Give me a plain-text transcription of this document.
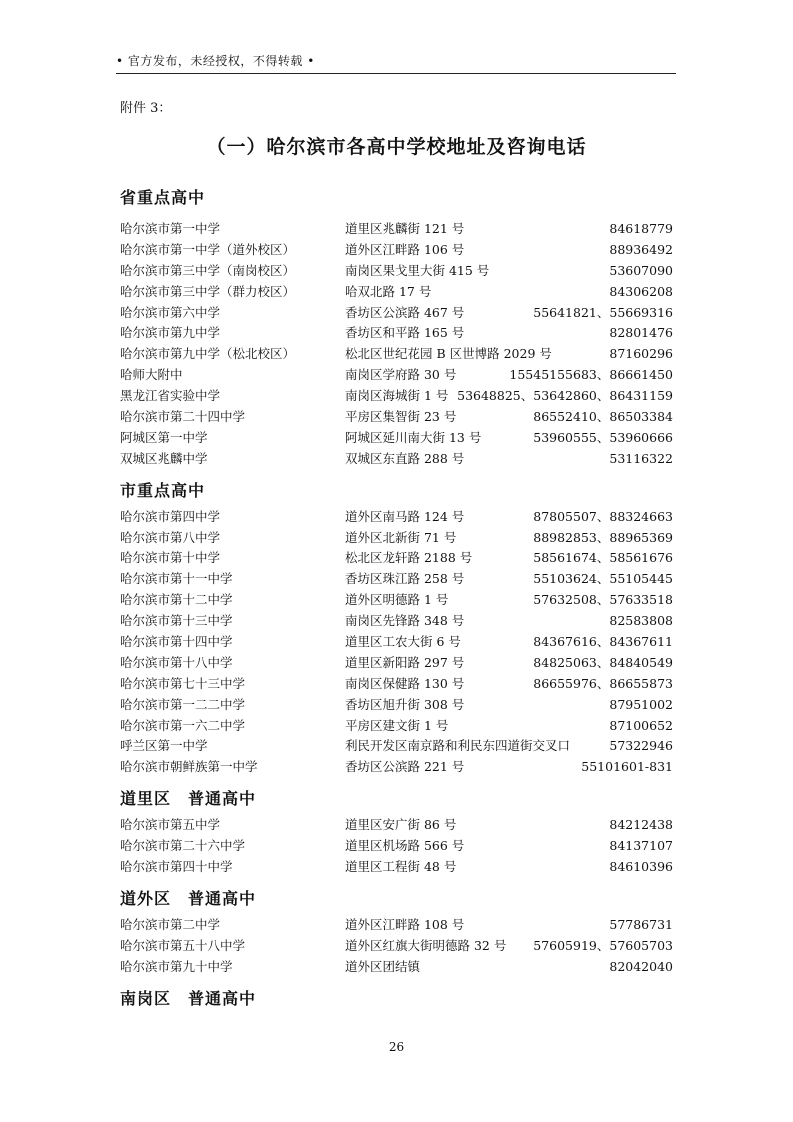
• 官方发布，未经授权，不得转载 •
附件 3：
（一）哈尔滨市各高中学校地址及咨询电话
省重点高中
哈尔滨市第一中学	道里区兆麟街 121 号	84618779
哈尔滨市第一中学（道外校区）	道外区江畔路 106 号	88936492
哈尔滨市第三中学（南岗校区）	南岗区果戈里大街 415 号	53607090
哈尔滨市第三中学（群力校区）	哈双北路 17 号	84306208
哈尔滨市第六中学	香坊区公滨路 467 号	55641821、55669316
哈尔滨市第九中学	香坊区和平路 165 号	82801476
哈尔滨市第九中学（松北校区）	松北区世纪花园 B 区世博路 2029 号	87160296
哈师大附中	南岗区学府路 30 号	15545155683、86661450
黑龙江省实验中学	南岗区海城街 1 号 53648825、53642860、86431159
哈尔滨市第二十四中学	平房区集智街 23 号	86552410、86503384
阿城区第一中学	阿城区延川南大街 13 号	53960555、53960666
双城区兆麟中学	双城区东直路 288 号	53116322
市重点高中
哈尔滨市第四中学	道外区南马路 124 号	87805507、88324663
哈尔滨市第八中学	道外区北新街 71 号	88982853、88965369
哈尔滨市第十中学	松北区龙轩路 2188 号	58561674、58561676
哈尔滨市第十一中学	香坊区珠江路 258 号	55103624、55105445
哈尔滨市第十二中学	道外区明德路 1 号	57632508、57633518
哈尔滨市第十三中学	南岗区先锋路 348 号	82583808
哈尔滨市第十四中学	道里区工农大街 6 号	84367616、84367611
哈尔滨市第十八中学	道里区新阳路 297 号	84825063、84840549
哈尔滨市第七十三中学	南岗区保健路 130 号	86655976、86655873
哈尔滨市第一二二中学	香坊区旭升街 308 号	87951002
哈尔滨市第一六二中学	平房区建文街 1 号	87100652
呼兰区第一中学	利民开发区南京路和利民东四道街交叉口	57322946
哈尔滨市朝鲜族第一中学	香坊区公滨路 221 号	55101601-831
道里区　普通高中
哈尔滨市第五中学	道里区安广街 86 号	84212438
哈尔滨市第二十六中学	道里区机场路 566 号	84137107
哈尔滨市第四十中学	道里区工程街 48 号	84610396
道外区　普通高中
哈尔滨市第二中学	道外区江畔路 108 号	57786731
哈尔滨市第五十八中学	道外区红旗大街明德路 32 号 57605919、57605703
哈尔滨市第九十中学	道外区团结镇	82042040
南岗区　普通高中
26
